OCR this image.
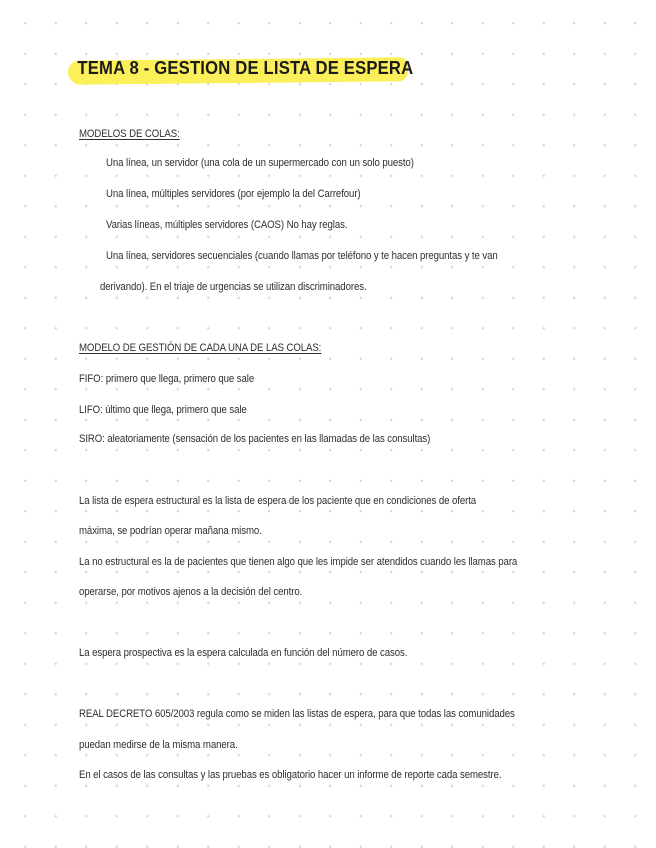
TEMA 8 - GESTION DE LISTA DE ESPERA
MODELOS DE COLAS:
Una línea, un servidor (una cola de un supermercado con un solo puesto)
Una línea, múltiples servidores (por ejemplo la del Carrefour)
Varias líneas, múltiples servidores (CAOS) No hay reglas.
Una línea, servidores secuenciales (cuando llamas por teléfono y te hacen preguntas y te van
derivando). En el triaje de urgencias se utilizan discriminadores.
MODELO DE GESTIÓN DE CADA UNA DE LAS COLAS:
FIFO: primero que llega, primero que sale
LIFO: último que llega, primero que sale
SIRO: aleatoriamente (sensación de los pacientes en las llamadas de las consultas)
La lista de espera estructural es la lista de espera de los paciente que en condiciones de oferta
máxima, se podrían operar mañana mismo.
La no estructural es la de pacientes que tienen algo que les impide ser atendidos cuando les llamas para
operarse, por motivos ajenos a la decisión del centro.
La espera prospectiva es la espera calculada en función del número de casos.
REAL DECRETO 605/2003 regula como se miden las listas de espera, para que todas las comunidades
puedan medirse de la misma manera.
En el casos de las consultas y las pruebas es obligatorio hacer un informe de reporte cada semestre.
